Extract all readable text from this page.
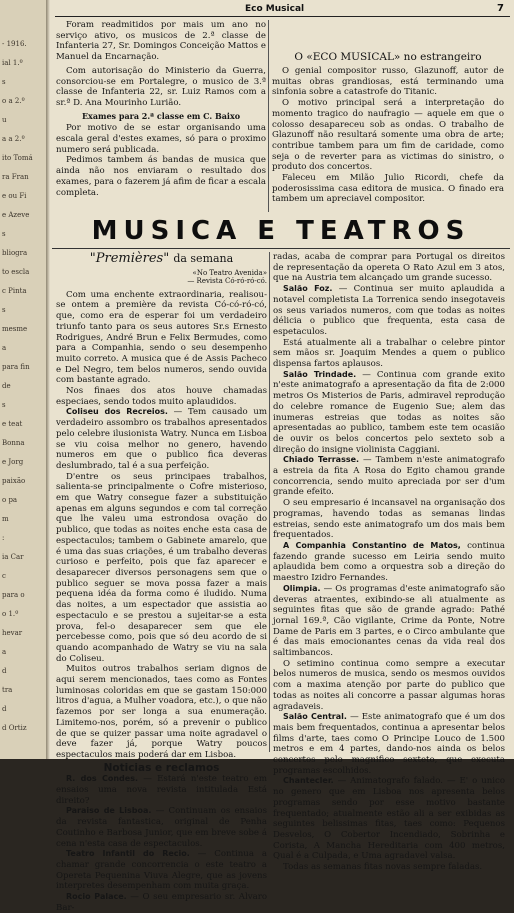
- 1916.
ial 1.º
s
o a 2.º
u
a a 2.º
ito Tomá
ra Fran
e ou Fi
e Azeve
s
bliogra
to escla
c Pinta
s
mesme
a
para fin
de
s
e teat
Bonna
e Jorg
paixão
o pa
m
:
ia Car
c
para o
o 1.º
hevar
a
d
tra
d
d Ortiz
Eco Musical	7

Foram readmitidos por mais um ano no serviço ativo, os musicos de 2.ª classe de Infanteria 27, Sr. Domingos Conceição Mattos e Manuel da Encarnação.

Com autorisação do Ministerio da Guerra, consorciou-se em Portalegre, o musico de 3.ª classe de Infanteria 22, sr. Luiz Ramos com a sr.ª D. Ana Mourinho Lurião.

Exames para 2.ª classe em C. Baixo

Por motivo de se estar organisando uma escala geral d'estes exames, só para o proximo numero será publicada.

Pedimos tambem ás bandas de musica que ainda não nos enviaram o resultado dos exames, para o fazerem já afim de ficar a escala completa.

O «ECO MUSICAL» no estrangeiro

O genial compositor russo, Glazunoff, autor de muitas obras grandiosas, está terminando uma sinfonia sobre a catastrofe do Titanic.

O motivo principal será a interpretação do momento tragico do naufragio — aquele em que o colosso desapareceu sob as ondas. O trabalho de Glazunoff não resultará somente uma obra de arte; contribue tambem para um fim de caridade, como seja o de reverter para as victimas do sinistro, o produto dos concertos.

Faleceu em Milão Julio Ricordi, chefe da poderosissima casa editora de musica. O finado era tambem um apreciavel compositor.

MUSICA E TEATROS
"Premières" da semana
«No Teatro Avenida»
— Revista Có-ró-ró-có.

Com uma enchente extraordinaria, realisou-se ontem a première da revista Có-có-ró-có, que, como era de esperar foi um verdadeiro triunfo tanto para os seus autores Sr.s Ernesto Rodrigues, André Brun e Felix Bermudes, como para a Companhia, sendo o seu desempenho muito correto. A musica que é de Assis Pacheco e Del Negro, tem belos numeros, sendo ouvida com bastante agrado.

Nos finaes dos atos houve chamadas especiaes, sendo todos muito aplaudidos.

Coliseu dos Recreios. — Tem causado um verdadeiro assombro os trabalhos apresentados pelo celebre ilusionista Watry. Nunca em Lisboa se viu coisa melhor no genero, havendo numeros em que o publico fica deveras deslumbrado, tal é a sua perfeição.

D'entre os seus principaes trabalhos, salienta-se principalmente o Cofre misterioso, em que Watry consegue fazer a substituição apenas em alguns segundos e com tal correção que lhe valeu uma estrondosa ovação do publico, que todas as noites enche esta casa de espectaculos; tambem o Gabinete amarelo, que é uma das suas criações, é um trabalho deveras curioso e perfeito, pois que faz aparecer e desaparecer diversos personagens sem que o publico seguer se mova possa fazer a mais pequena idéa da forma como é iludido. Numa das noites, a um espectador que assistia ao espectaculo e se prestou a sujeitar-se a esta prova, fel-o desaparecer sem que ele percebesse como, pois que só deu acordo de si quando acompanhado de Watry se viu na sala do Coliseu.

Muitos outros trabalhos seriam dignos de aqui serem mencionados, taes como as Fontes luminosas coloridas em que se gastam 150:000 litros d'agua, a Mulher voadora, etc.), o que não fazemos por ser longa a sua enumeração. Limitemo-nos, porém, só a prevenir o publico de que se quizer passar uma noite agradavel o deve fazer já, porque Watry poucos espectaculos mais poderá dar em Lisboa.

Noticias e reclamos

R. dos Condes. — Estará n'este teatro em ensaios uma nova revista intitulada Está direito?

Paraiso de Lisboa. — Continuam os ensaios da revista fantastica, original de Penha Coutinho e Barbosa Junior, que em breve sobe á cena n'esta casa de espectaculos.

Teatro Infantil do Recio. — Continua a chamar grande concorrencia o este teatro a Opereta Pequenina Viuva Alegre, que as jovens interpretes desempenham com muita graça.

Rocio Palace. — O seu empresario sr. Alvaro Bar-

radas, acaba de comprar para Portugal os direitos de representação da opereta O Rato Azul em 3 atos, que na Austria tem alcançado um grande sucesso.

Salão Foz. — Continua ser muito aplaudida a notavel completista La Torrenica sendo insegotaveis os seus variados numeros, com que todas as noites délicia o publico que frequenta, esta casa de espetaculos.

Está atualmente ali a trabalhar o celebre pintor sem mãos sr. Joaquim Mendes a quem o publico dispensa fartos aplausos.

Salão Trindade. — Continua com grande exito n'este animatografo a apresentação da fita de 2:000 metros Os Misterios de Paris, admiravel reprodução do celebre romance de Eugenio Sue; alem das inumeras estreias que todas as noites são apresentadas ao publico, tambem este tem ocasião de ouvir os belos concertos pelo sexteto sob a direção do insigne violinista Caggiani.

Chiado Terrasse. — Tambem n'este animatografo a estreia da fita A Rosa do Egito chamou grande concorrencia, sendo muito apreciada por ser d'um grande efeito.

O seu empresario é incansavel na organisação dos programas, havendo todas as semanas lindas estreias, sendo este animatografo um dos mais bem frequentados.

A Companhia Constantino de Matos, continua fazendo grande sucesso em Leiria sendo muito aplaudida bem como a orquestra sob a direção do maestro Izidro Fernandes.

Olimpia. — Os programas d'este animatografo são deveras atraentes, exibindo-se ali atualmente as seguintes fitas que são de grande agrado: Pathé jornal 169.ª, Cão vigilante, Crime da Ponte, Notre Dame de Paris em 3 partes, e o Circo ambulante que é das mais emocionantes cenas da vida real dos saltimbancos.

O setimino continua como sempre a executar belos numeros de musica, sendo os mesmos ouvidos com a maxima atenção por parte do publico que todas as noites ali concorre a passar algumas horas agradaveis.

Salão Central. — Este animatografo que é um dos mais bem frequentados, continua a apresentar belos films d'arte, taes como O Principe Louco de 1.500 metros e em 4 partes, dando-nos ainda os belos concertos pelo magnifico sexteto, que executa programas escolhidos.

Chantecler. — Animatografo falado. — E' o unico no genero que em Lisboa nos apresenta belos programas sendo por esse motivo bastante frequentado; atualmente estão ali a ser exibidas as seguintes belissimas fitas, taes como: Pequenos Desvelos, O Cobertor Incendiado, Sobrinha e Corista, A Mancha Hereditaria com 400 metros, Qual é a Culpada, e Uma agradavel valsa.

Todas as semanas fitas novas sempre faladas.
